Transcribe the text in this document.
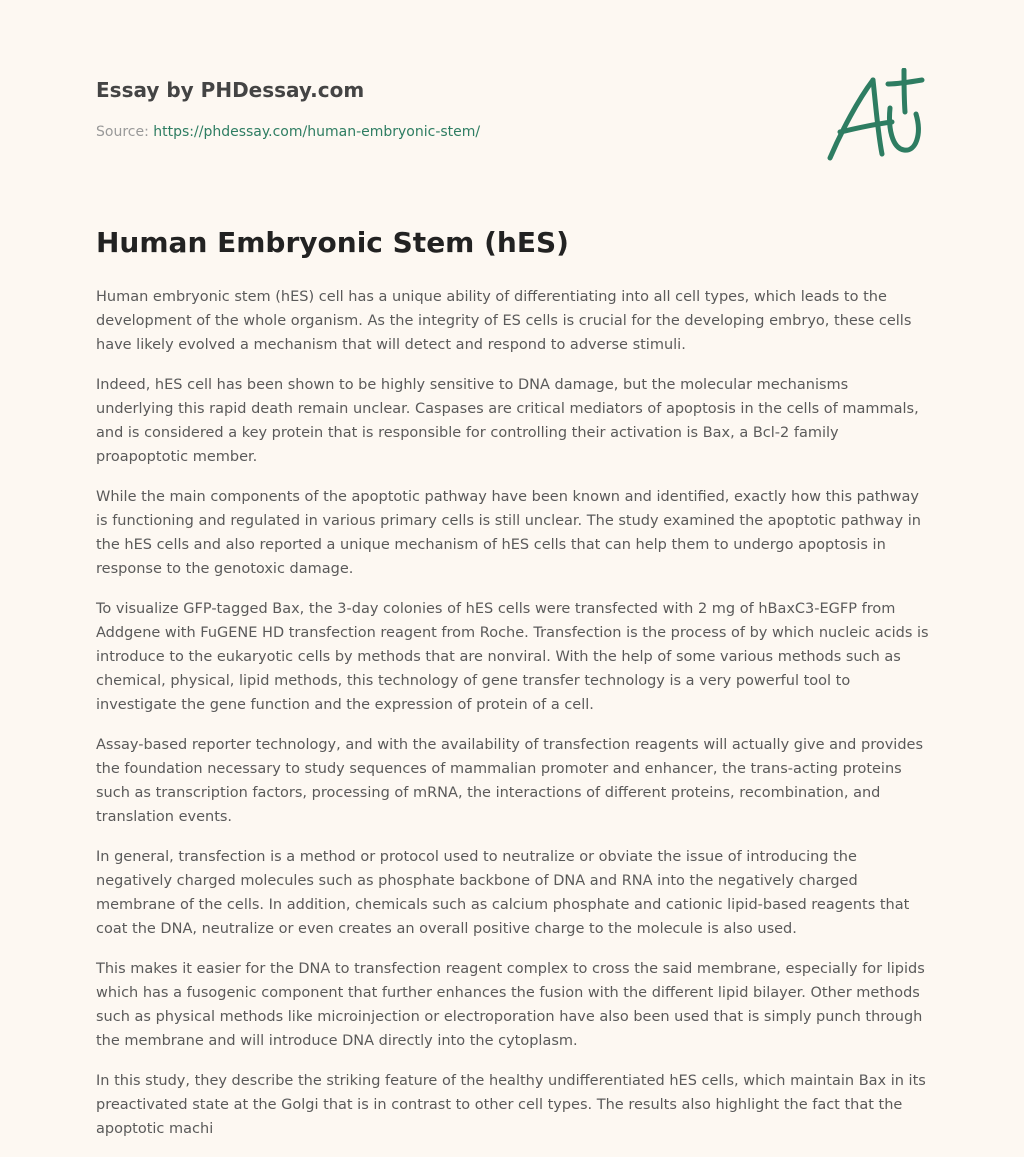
Essay by PHDessay.com
Source: https://phdessay.com/human-embryonic-stem/
Human Embryonic Stem (hES)

Human embryonic stem (hES) cell has a unique ability of differentiating into all cell types, which leads to the development of the whole organism. As the integrity of ES cells is crucial for the developing embryo, these cells have likely evolved a mechanism that will detect and respond to adverse stimuli.

Indeed, hES cell has been shown to be highly sensitive to DNA damage, but the molecular mechanisms underlying this rapid death remain unclear. Caspases are critical mediators of apoptosis in the cells of mammals, and is considered a key protein that is responsible for controlling their activation is Bax, a Bcl-2 family proapoptotic member.

While the main components of the apoptotic pathway have been known and identified, exactly how this pathway is functioning and regulated in various primary cells is still unclear. The study examined the apoptotic pathway in the hES cells and also reported a unique mechanism of hES cells that can help them to undergo apoptosis in response to the genotoxic damage.

To visualize GFP-tagged Bax, the 3-day colonies of hES cells were transfected with 2 mg of hBaxC3-EGFP from Addgene with FuGENE HD transfection reagent from Roche. Transfection is the process of by which nucleic acids is introduce to the eukaryotic cells by methods that are nonviral. With the help of some various methods such as chemical, physical, lipid methods, this technology of gene transfer technology is a very powerful tool to investigate the gene function and the expression of protein of a cell.

Assay-based reporter technology, and with the availability of transfection reagents will actually give and provides the foundation necessary to study sequences of mammalian promoter and enhancer, the trans-acting proteins such as transcription factors, processing of mRNA, the interactions of different proteins, recombination, and translation events.

In general, transfection is a method or protocol used to neutralize or obviate the issue of introducing the negatively charged molecules such as phosphate backbone of DNA and RNA into the negatively charged membrane of the cells. In addition, chemicals such as calcium phosphate and cationic lipid-based reagents that coat the DNA, neutralize or even creates an overall positive charge to the molecule is also used.

This makes it easier for the DNA to transfection reagent complex to cross the said membrane, especially for lipids which has a fusogenic component that further enhances the fusion with the different lipid bilayer. Other methods such as physical methods like microinjection or electroporation have also been used that is simply punch through the membrane and will introduce DNA directly into the cytoplasm.

In this study, they describe the striking feature of the healthy undifferentiated hES cells, which maintain Bax in its preactivated state at the Golgi that is in contrast to other cell types. The results also highlight the fact that the apoptotic machi
